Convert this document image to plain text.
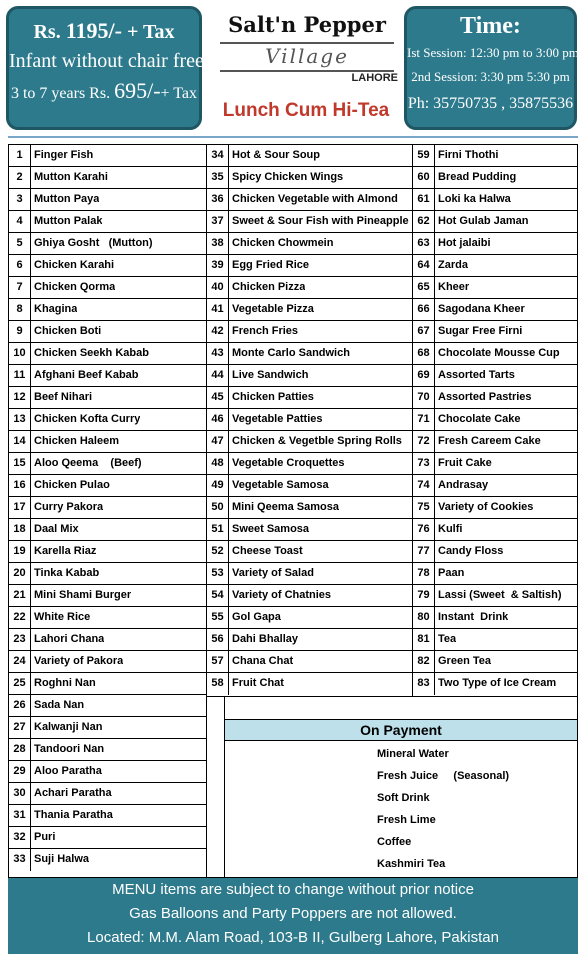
Rs. 1195/- + Tax
Infant without chair free
3 to 7 years Rs. 695/-+ Tax
Salt'n Pepper
Village
LAHORE
Lunch Cum Hi-Tea
Time:
Ist Session: 12:30 pm to 3:00 pm
2nd Session: 3:30 pm 5:30 pm
Ph: 35750735 , 35875536
1	Finger Fish
2	Mutton Karahi
3	Mutton Paya
4	Mutton Palak
5	Ghiya Gosht   (Mutton)
6	Chicken Karahi
7	Chicken Qorma
8	Khagina
9	Chicken Boti
10 Chicken Seekh Kabab
11 Afghani Beef Kabab
12 Beef Nihari
13 Chicken Kofta Curry
14 Chicken Haleem
15 Aloo Qeema    (Beef)
16 Chicken Pulao
17 Curry Pakora
18 Daal Mix
19 Karella Riaz
20 Tinka Kabab
21 Mini Shami Burger
22 White Rice
23 Lahori Chana
24 Variety of Pakora
25 Roghni Nan
26 Sada Nan
27 Kalwanji Nan
28 Tandoori Nan
29 Aloo Paratha
30 Achari Paratha
31 Thania Paratha
32 Puri
33 Suji Halwa
34 Hot & Sour Soup
35 Spicy Chicken Wings
36 Chicken Vegetable with Almond
37 Sweet & Sour Fish with Pineapple
38 Chicken Chowmein
39 Egg Fried Rice
40 Chicken Pizza
41 Vegetable Pizza
42 French Fries
43 Monte Carlo Sandwich
44 Live Sandwich
45 Chicken Patties
46 Vegetable Patties
47 Chicken & Vegetble Spring Rolls
48 Vegetable Croquettes
49 Vegetable Samosa
50 Mini Qeema Samosa
51 Sweet Samosa
52 Cheese Toast
53 Variety of Salad
54 Variety of Chatnies
55 Gol Gapa
56 Dahi Bhallay
57 Chana Chat
58 Fruit Chat
59 Firni Thothi
60 Bread Pudding
61 Loki ka Halwa
62 Hot Gulab Jaman
63 Hot jalaibi
64 Zarda
65 Kheer
66 Sagodana Kheer
67 Sugar Free Firni
68 Chocolate Mousse Cup
69 Assorted Tarts
70 Assorted Pastries
71 Chocolate Cake
72 Fresh Careem Cake
73 Fruit Cake
74 Andrasay
75 Variety of Cookies
76 Kulfi
77 Candy Floss
78 Paan
79 Lassi (Sweet  & Saltish)
80 Instant  Drink
81 Tea
82 Green Tea
83 Two Type of Ice Cream
On Payment
Mineral Water
Fresh Juice     (Seasonal)
Soft Drink
Fresh Lime
Coffee
Kashmiri Tea
MENU items are subject to change without prior notice
Gas Balloons and Party Poppers are not allowed.
Located: M.M. Alam Road, 103-B II, Gulberg Lahore, Pakistan
